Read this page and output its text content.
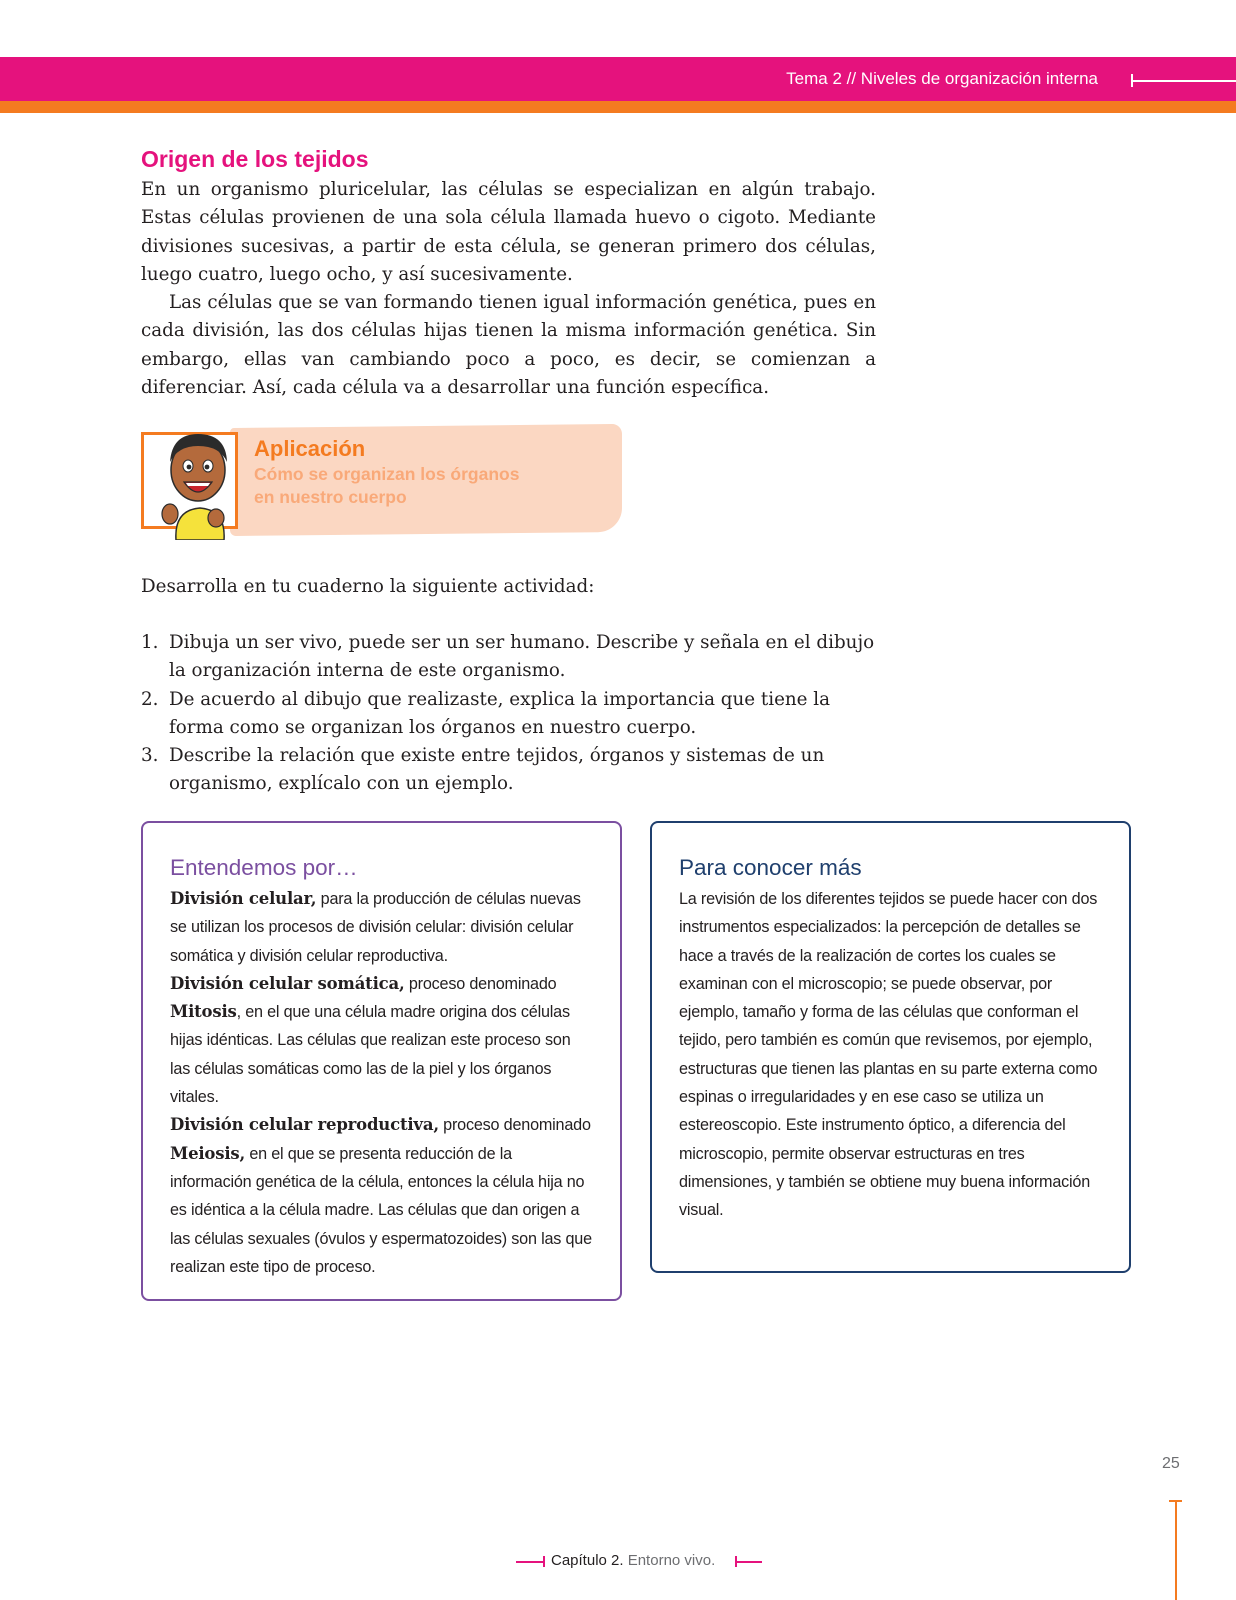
Tema 2 // Niveles de organización interna
Origen de los tejidos

En un organismo pluricelular, las células se especializan en algún trabajo. Estas células provienen de una sola célula llamada huevo o cigoto. Mediante divisiones sucesivas, a partir de esta célula, se generan primero dos células, luego cuatro, luego ocho, y así sucesivamente.

Las células que se van formando tienen igual información genética, pues en cada división, las dos células hijas tienen la misma información genética. Sin embargo, ellas van cambiando poco a poco, es decir, se comienzan a diferenciar. Así, cada célula va a desarrollar una función específica.

Aplicación
Cómo se organizan los órganos
en nuestro cuerpo

Desarrolla en tu cuaderno la siguiente actividad:

1. Dibuja un ser vivo, puede ser un ser humano. Describe y señala en el dibujo la organización interna de este organismo.
2. De acuerdo al dibujo que realizaste, explica la importancia que tiene la forma como se organizan los órganos en nuestro cuerpo.
3. Describe la relación que existe entre tejidos, órganos y sistemas de un organismo, explícalo con un ejemplo.
Entendemos por…

División celular, para la producción de células nuevas se utilizan los procesos de división celular: división celular somática y división celular reproductiva.

División celular somática, proceso denominado Mitosis, en el que una célula madre origina dos células hijas idénticas. Las células que realizan este proceso son las células somáticas como las de la piel y los órganos vitales.

División celular reproductiva, proceso denominado Meiosis, en el que se presenta reducción de la información genética de la célula, entonces la célula hija no es idéntica a la célula madre. Las células que dan origen a las células sexuales (óvulos y espermatozoides) son las que realizan este tipo de proceso.

Para conocer más

La revisión de los diferentes tejidos se puede hacer con dos instrumentos especializados: la percepción de detalles se hace a través de la realización de cortes los cuales se examinan con el microscopio; se puede observar, por ejemplo, tamaño y forma de las células que conforman el tejido, pero también es común que revisemos, por ejemplo, estructuras que tienen las plantas en su parte externa como espinas o irregularidades y en ese caso se utiliza un estereoscopio. Este instrumento óptico, a diferencia del microscopio, permite observar estructuras en tres dimensiones, y también se obtiene muy buena información visual.

25
Capítulo 2. Entorno vivo.
